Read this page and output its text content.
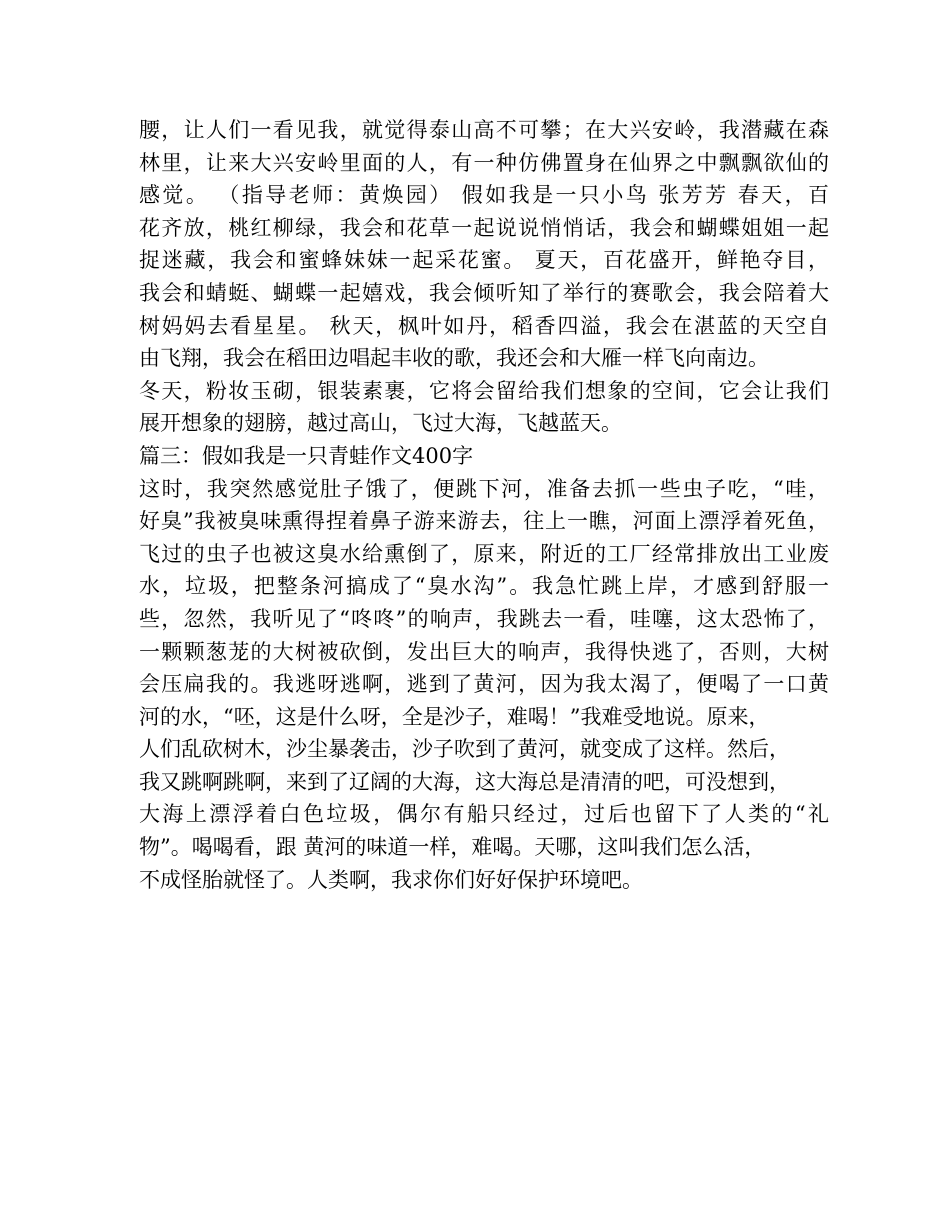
腰，让人们一看见我，就觉得泰山高不可攀；在大兴安岭，我潜藏在森
林里，让来大兴安岭里面的人，有一种仿佛置身在仙界之中飘飘欲仙的
感觉。 （指导老师：黄焕园） 假如我是一只小鸟 张芳芳 春天，百
花齐放，桃红柳绿，我会和花草一起说说悄悄话，我会和蝴蝶姐姐一起
捉迷藏，我会和蜜蜂妹妹一起采花蜜。 夏天，百花盛开，鲜艳夺目，
我会和蜻蜓、蝴蝶一起嬉戏，我会倾听知了举行的赛歌会，我会陪着大
树妈妈去看星星。 秋天，枫叶如丹，稻香四溢，我会在湛蓝的天空自
由飞翔，我会在稻田边唱起丰收的歌，我还会和大雁一样飞向南边。
冬天，粉妆玉砌，银装素裹，它将会留给我们想象的空间，它会让我们
展开想象的翅膀，越过高山，飞过大海，飞越蓝天。
篇三：假如我是一只青蛙作文400字
这时，我突然感觉肚子饿了，便跳下河，准备去抓一些虫子吃，“哇，
好臭”我被臭味熏得捏着鼻子游来游去，往上一瞧，河面上漂浮着死鱼，
飞过的虫子也被这臭水给熏倒了，原来，附近的工厂经常排放出工业废
水，垃圾，把整条河搞成了“臭水沟”。我急忙跳上岸，才感到舒服一
些，忽然，我听见了“咚咚”的响声，我跳去一看，哇噻，这太恐怖了，
一颗颗葱茏的大树被砍倒，发出巨大的响声，我得快逃了，否则，大树
会压扁我的。我逃呀逃啊，逃到了黄河，因为我太渴了，便喝了一口黄
河的水，“呸，这是什么呀，全是沙子，难喝！”我难受地说。原来，
人们乱砍树木，沙尘暴袭击，沙子吹到了黄河，就变成了这样。然后，
我又跳啊跳啊，来到了辽阔的大海，这大海总是清清的吧，可没想到，
大海上漂浮着白色垃圾，偶尔有船只经过，过后也留下了人类的“礼
物”。喝喝看，跟 黄河的味道一样，难喝。天哪，这叫我们怎么活，
不成怪胎就怪了。人类啊，我求你们好好保护环境吧。
